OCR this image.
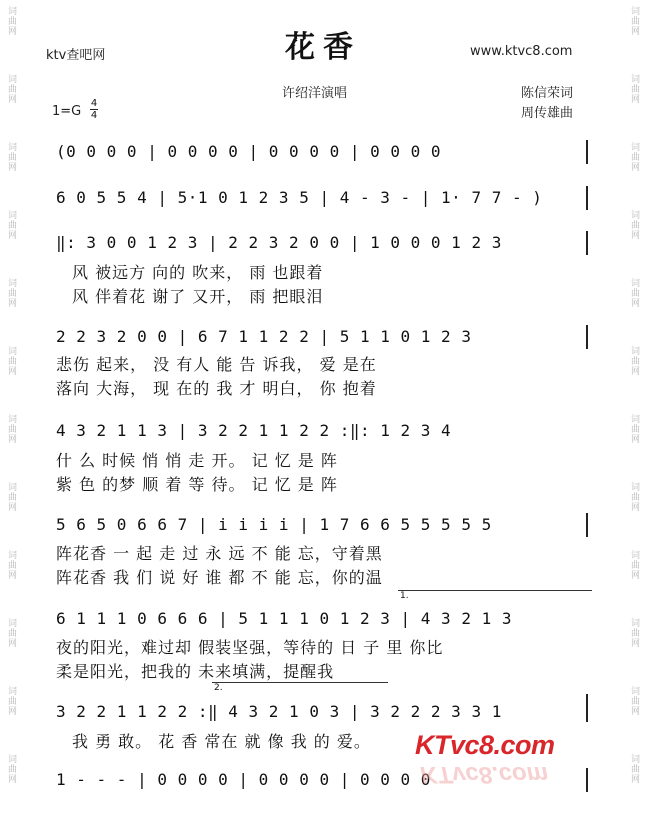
词曲网
词曲网
词曲网
词曲网
词曲网
词曲网
词曲网
词曲网
词曲网
词曲网
词曲网
词曲网
词曲网
词曲网
词曲网
词曲网
词曲网
词曲网
词曲网
词曲网
词曲网
词曲网
词曲网
词曲网
ktv查吧网	花香	www.ktvc8.com
许绍洋演唱	陈信荣词
周传雄曲
1=G
4
4
(0 0 0 0 | 0 0 0 0 | 0 0 0 0 | 0 0 0 0
6 0 5 5 4 | 5·1 0 1 2 3 5 | 4 - 3 - | 1· 7 7 - )
‖: 3 0 0 1 2 3 | 2 2 3 2 0 0 | 1 0 0 0 1 2 3
风 被远方 向的 吹来， 雨 也跟着
风 伴着花 谢了 又开， 雨 把眼泪
2 2 3 2 0 0 | 6 7 1 1 2 2 | 5 1 1 0 1 2 3
悲伤 起来， 没 有人 能 告 诉我， 爱 是在
落向 大海， 现 在的 我 才 明白， 你 抱着
4 3 2 1 1 3 | 3 2 2 1 1 2 2 :‖: 1 2 3 4
什 么 时候 悄 悄 走 开。 记 忆 是 阵
紫 色 的梦 顺 着 等 待。 记 忆 是 阵
5 6 5 0 6 6 7 | i i i i | 1 7 6 6 5 5 5 5 5
阵花香 一 起 走 过 永 远 不 能 忘，守着黑
阵花香 我 们 说 好 谁 都 不 能 忘，你的温
1.
6 1 1 1 0 6 6 6 | 5 1 1 1 0 1 2 3 | 4 3 2 1 3
夜的阳光，难过却 假装坚强，等待的 日 子 里 你比
柔是阳光，把我的 未来填满，提醒我
2.
3 2 2 1 1 2 2 :‖ 4 3 2 1 0 3 | 3 2 2 2 3 3 1
我 勇 敢。 花 香 常在 就 像 我 的 爱。
1 - - - | 0 0 0 0 | 0 0 0 0 | 0 0 0 0
KTvc8.com
KTvc8.com
